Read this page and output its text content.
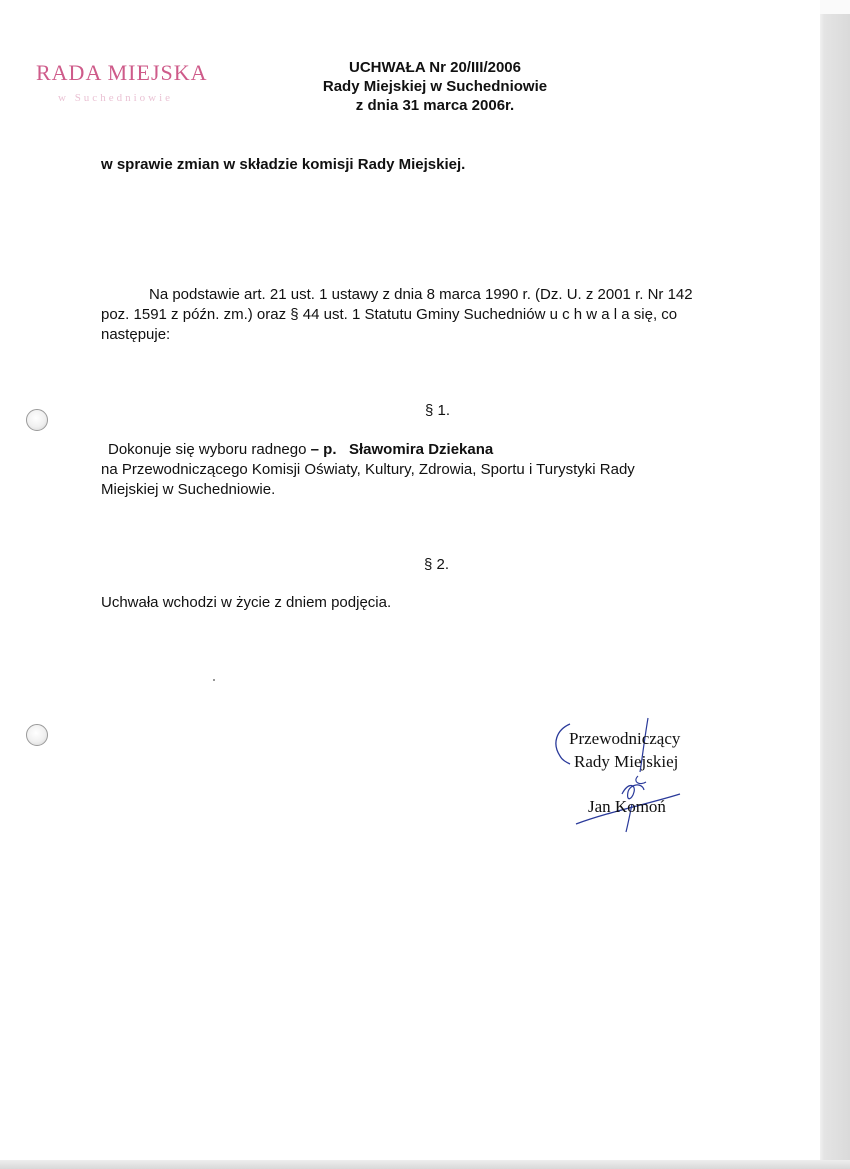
RADA MIEJSKA
w Suchedniowie
UCHWAŁA Nr 20/III/2006
Rady Miejskiej w Suchedniowie
z dnia 31 marca 2006r.
w sprawie zmian w składzie komisji Rady Miejskiej.
Na podstawie art. 21 ust. 1 ustawy z dnia 8 marca 1990 r. (Dz. U. z 2001 r. Nr 142
poz. 1591 z późn. zm.) oraz § 44 ust. 1 Statutu Gminy Suchedniów u c h w a l a się, co
następuje:
§ 1.
Dokonuje się wyboru radnego – p. Sławomira Dziekana
na Przewodniczącego Komisji Oświaty, Kultury, Zdrowia, Sportu i Turystyki Rady
Miejskiej w Suchedniowie.
§ 2.
Uchwała wchodzi w życie z dniem podjęcia.
Przewodniczący
Rady Miejskiej
Jan Komoń
